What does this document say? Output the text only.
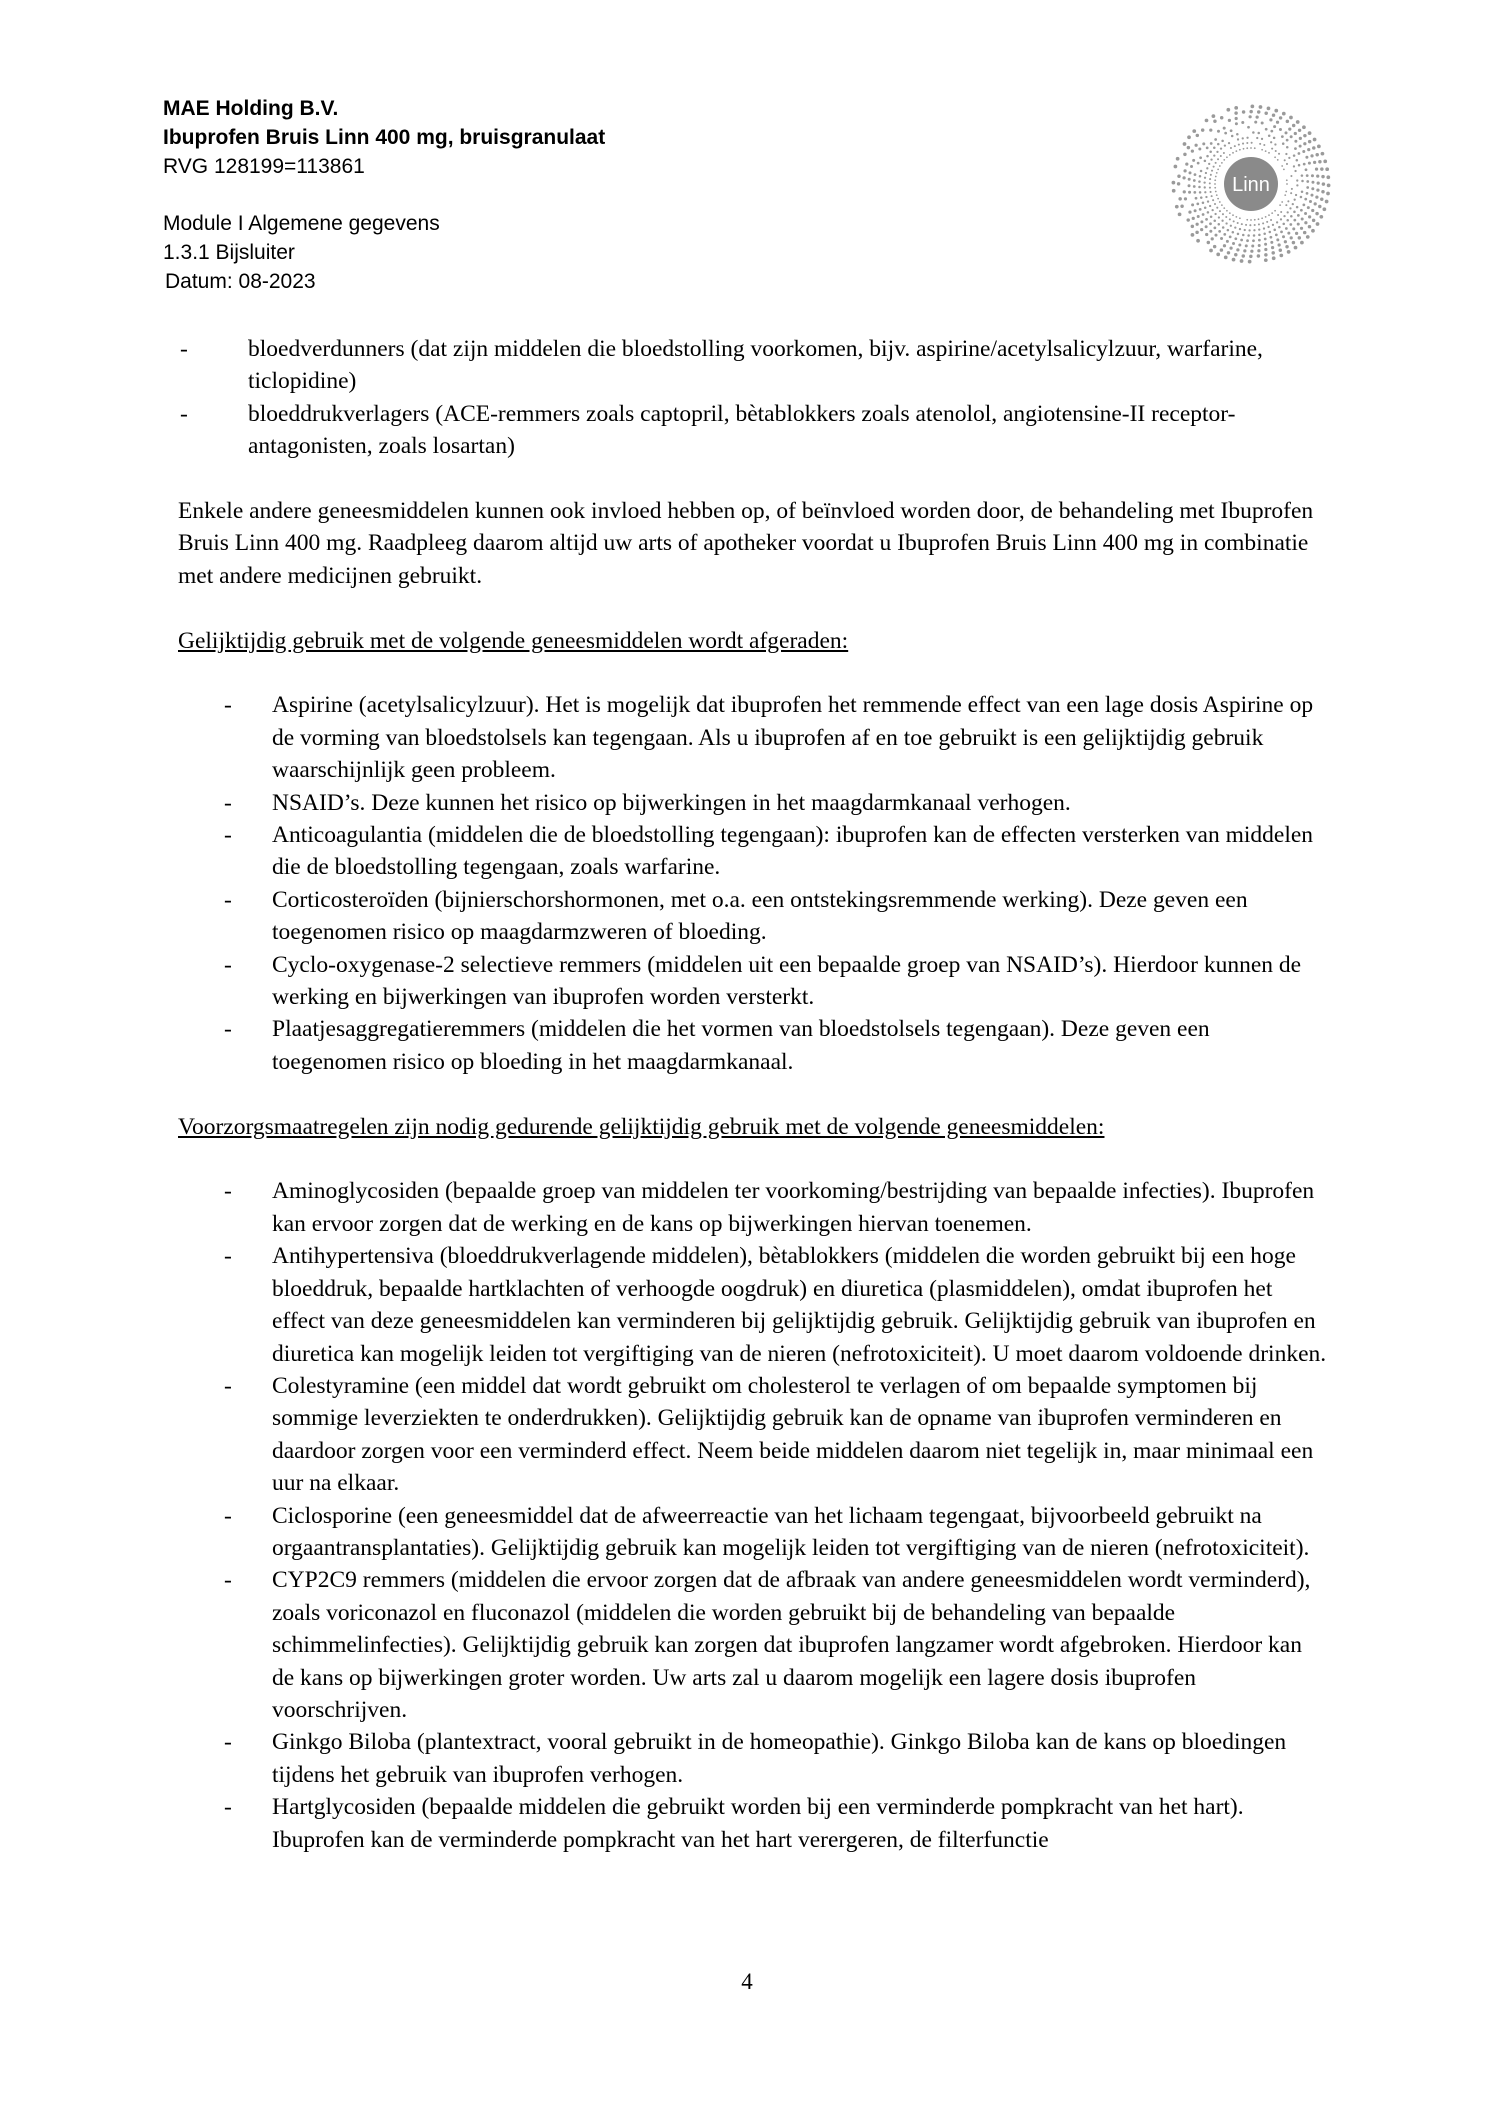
MAE Holding B.V.
Ibuprofen Bruis Linn 400 mg, bruisgranulaat
RVG 128199=113861
Module I Algemene gegevens
1.3.1 Bijsluiter
Datum: 08-2023
Linn
-	bloedverdunners (dat zijn middelen die bloedstolling voorkomen, bijv. aspirine/acetylsalicylzuur, warfarine, ticlopidine)
-	bloeddrukverlagers (ACE-remmers zoals captopril, bètablokkers zoals atenolol, angiotensine-II receptor-antagonisten, zoals losartan)

Enkele andere geneesmiddelen kunnen ook invloed hebben op, of beïnvloed worden door, de behandeling met Ibuprofen Bruis Linn 400 mg. Raadpleeg daarom altijd uw arts of apotheker voordat u Ibuprofen Bruis Linn 400 mg in combinatie met andere medicijnen gebruikt.

Gelijktijdig gebruik met de volgende geneesmiddelen wordt afgeraden:
-	Aspirine (acetylsalicylzuur). Het is mogelijk dat ibuprofen het remmende effect van een lage dosis Aspirine op de vorming van bloedstolsels kan tegengaan. Als u ibuprofen af en toe gebruikt is een gelijktijdig gebruik waarschijnlijk geen probleem.
-	NSAID’s. Deze kunnen het risico op bijwerkingen in het maagdarmkanaal verhogen.
-	Anticoagulantia (middelen die de bloedstolling tegengaan): ibuprofen kan de effecten versterken van middelen die de bloedstolling tegengaan, zoals warfarine.
-	Corticosteroïden (bijnierschorshormonen, met o.a. een ontstekingsremmende werking). Deze geven een toegenomen risico op maagdarmzweren of bloeding.
-	Cyclo-oxygenase-2 selectieve remmers (middelen uit een bepaalde groep van NSAID’s). Hierdoor kunnen de werking en bijwerkingen van ibuprofen worden versterkt.
-	Plaatjesaggregatieremmers (middelen die het vormen van bloedstolsels tegengaan). Deze geven een toegenomen risico op bloeding in het maagdarmkanaal.
Voorzorgsmaatregelen zijn nodig gedurende gelijktijdig gebruik met de volgende geneesmiddelen:
-	Aminoglycosiden (bepaalde groep van middelen ter voorkoming/bestrijding van bepaalde infecties). Ibuprofen kan ervoor zorgen dat de werking en de kans op bijwerkingen hiervan toenemen.
-	Antihypertensiva (bloeddrukverlagende middelen), bètablokkers (middelen die worden gebruikt bij een hoge bloeddruk, bepaalde hartklachten of verhoogde oogdruk) en diuretica (plasmiddelen), omdat ibuprofen het effect van deze geneesmiddelen kan verminderen bij gelijktijdig gebruik. Gelijktijdig gebruik van ibuprofen en diuretica kan mogelijk leiden tot vergiftiging van de nieren (nefrotoxiciteit). U moet daarom voldoende drinken.
-	Colestyramine (een middel dat wordt gebruikt om cholesterol te verlagen of om bepaalde symptomen bij sommige leverziekten te onderdrukken). Gelijktijdig gebruik kan de opname van ibuprofen verminderen en daardoor zorgen voor een verminderd effect. Neem beide middelen daarom niet tegelijk in, maar minimaal een uur na elkaar.
-	Ciclosporine (een geneesmiddel dat de afweerreactie van het lichaam tegengaat, bijvoorbeeld gebruikt na orgaantransplantaties). Gelijktijdig gebruik kan mogelijk leiden tot vergiftiging van de nieren (nefrotoxiciteit).
-	CYP2C9 remmers (middelen die ervoor zorgen dat de afbraak van andere geneesmiddelen wordt verminderd), zoals voriconazol en fluconazol (middelen die worden gebruikt bij de behandeling van bepaalde schimmelinfecties). Gelijktijdig gebruik kan zorgen dat ibuprofen langzamer wordt afgebroken. Hierdoor kan de kans op bijwerkingen groter worden. Uw arts zal u daarom mogelijk een lagere dosis ibuprofen voorschrijven.
-	Ginkgo Biloba (plantextract, vooral gebruikt in de homeopathie). Ginkgo Biloba kan de kans op bloedingen tijdens het gebruik van ibuprofen verhogen.
-	Hartglycosiden (bepaalde middelen die gebruikt worden bij een verminderde pompkracht van het hart). Ibuprofen kan de verminderde pompkracht van het hart verergeren, de filterfunctie
4
